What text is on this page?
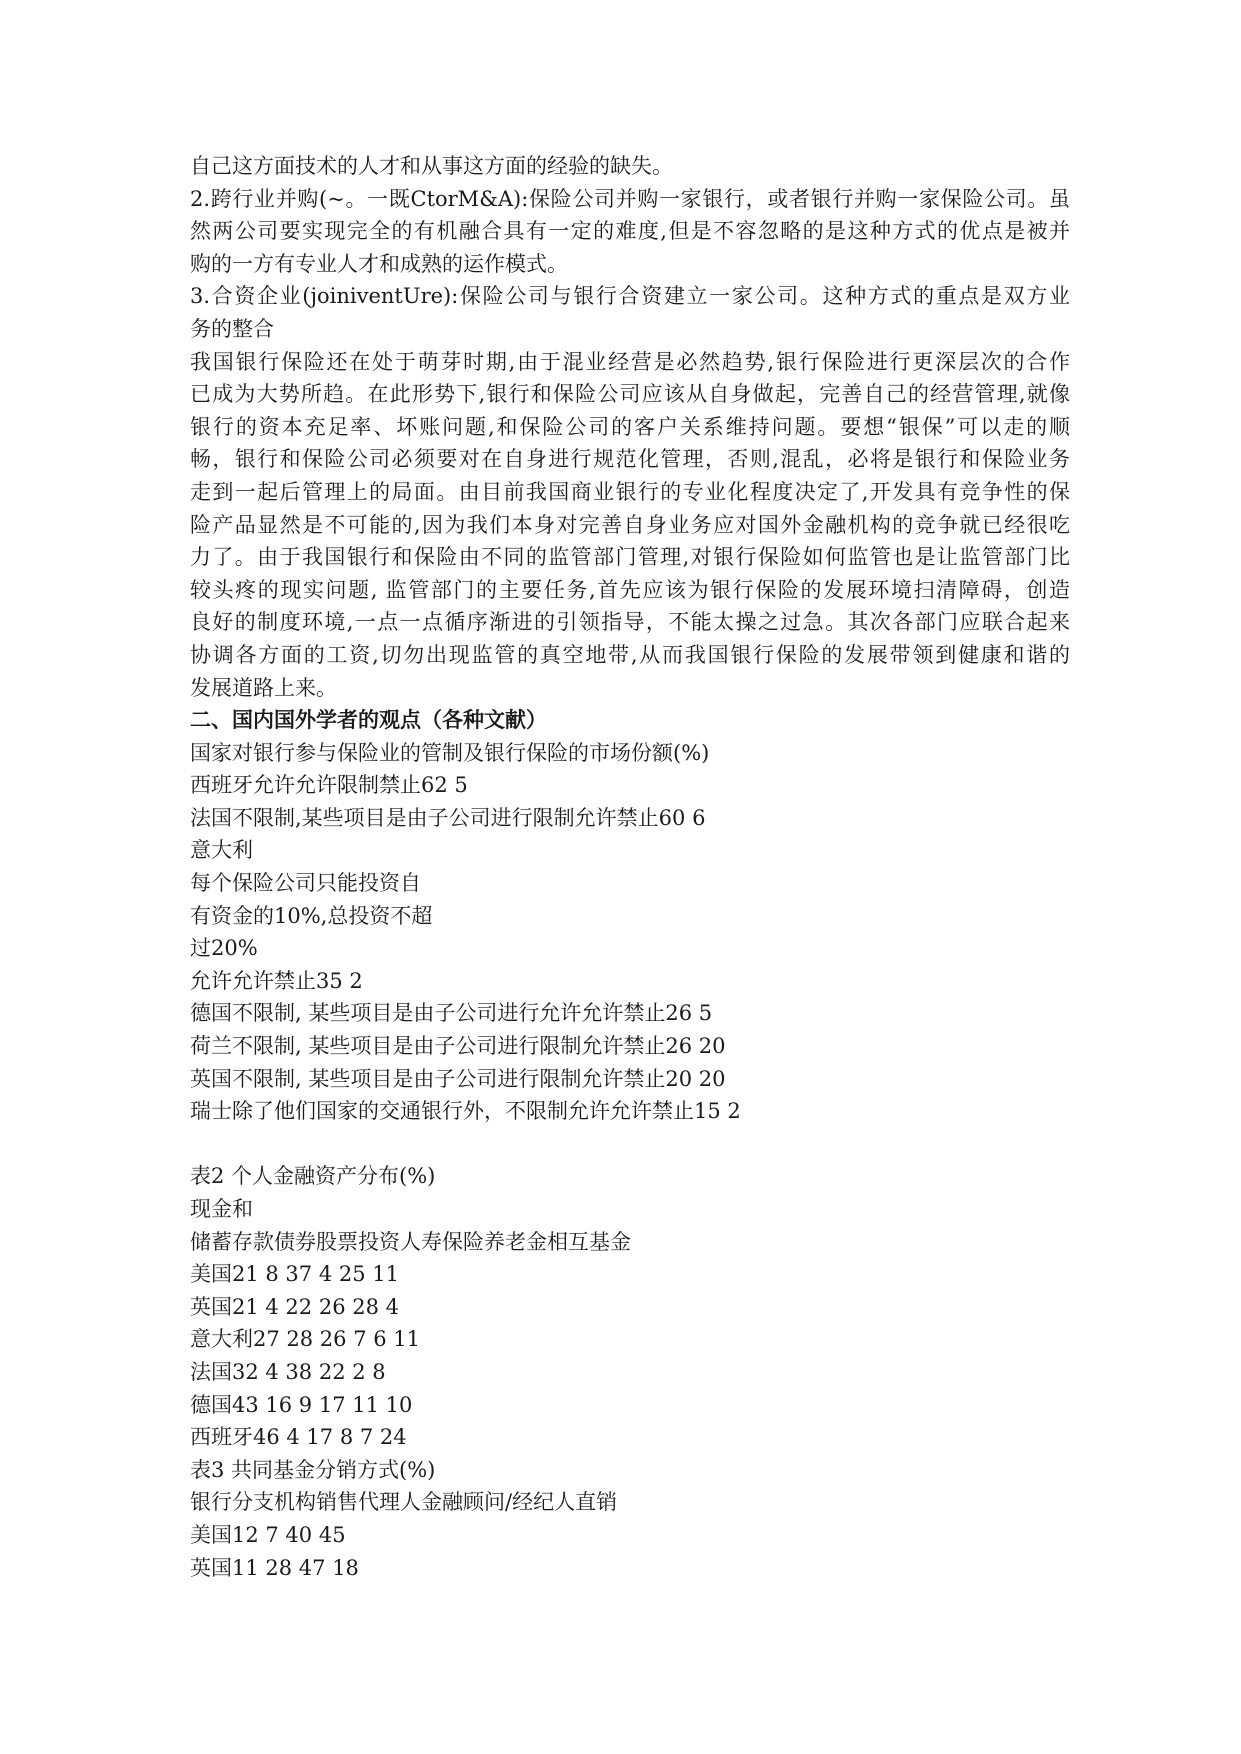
自己这方面技术的人才和从事这方面的经验的缺失。
2.跨行业并购(~。一既CtorM&A):保险公司并购一家银行，或者银行并购一家保险公司。虽
然两公司要实现完全的有机融合具有一定的难度,但是不容忽略的是这种方式的优点是被并
购的一方有专业人才和成熟的运作模式。
3.合资企业(joiniventUre):保险公司与银行合资建立一家公司。这种方式的重点是双方业
务的整合
我国银行保险还在处于萌芽时期,由于混业经营是必然趋势,银行保险进行更深层次的合作
已成为大势所趋。在此形势下,银行和保险公司应该从自身做起，完善自己的经营管理,就像
银行的资本充足率、坏账问题,和保险公司的客户关系维持问题。要想“银保”可以走的顺
畅，银行和保险公司必须要对在自身进行规范化管理，否则,混乱，必将是银行和保险业务
走到一起后管理上的局面。由目前我国商业银行的专业化程度决定了,开发具有竞争性的保
险产品显然是不可能的,因为我们本身对完善自身业务应对国外金融机构的竞争就已经很吃
力了。由于我国银行和保险由不同的监管部门管理,对银行保险如何监管也是让监管部门比
较头疼的现实问题, 监管部门的主要任务,首先应该为银行保险的发展环境扫清障碍，创造
良好的制度环境,一点一点循序渐进的引领指导，不能太操之过急。其次各部门应联合起来
协调各方面的工资,切勿出现监管的真空地带,从而我国银行保险的发展带领到健康和谐的
发展道路上来。
二、国内国外学者的观点（各种文献）
国家对银行参与保险业的管制及银行保险的市场份额(%)
西班牙允许允许限制禁止62 5
法国不限制,某些项目是由子公司进行限制允许禁止60 6
意大利
每个保险公司只能投资自
有资金的10%,总投资不超
过20%
允许允许禁止35 2
德国不限制, 某些项目是由子公司进行允许允许禁止26 5
荷兰不限制, 某些项目是由子公司进行限制允许禁止26 20
英国不限制, 某些项目是由子公司进行限制允许禁止20 20
瑞士除了他们国家的交通银行外，不限制允许允许禁止15 2
表2 个人金融资产分布(%)
现金和
储蓄存款债券股票投资人寿保险养老金相互基金
美国21 8 37 4 25 11
英国21 4 22 26 28 4
意大利27 28 26 7 6 11
法国32 4 38 22 2 8
德国43 16 9 17 11 10
西班牙46 4 17 8 7 24
表3 共同基金分销方式(%)
银行分支机构销售代理人金融顾问/经纪人直销
美国12 7 40 45
英国11 28 47 18
